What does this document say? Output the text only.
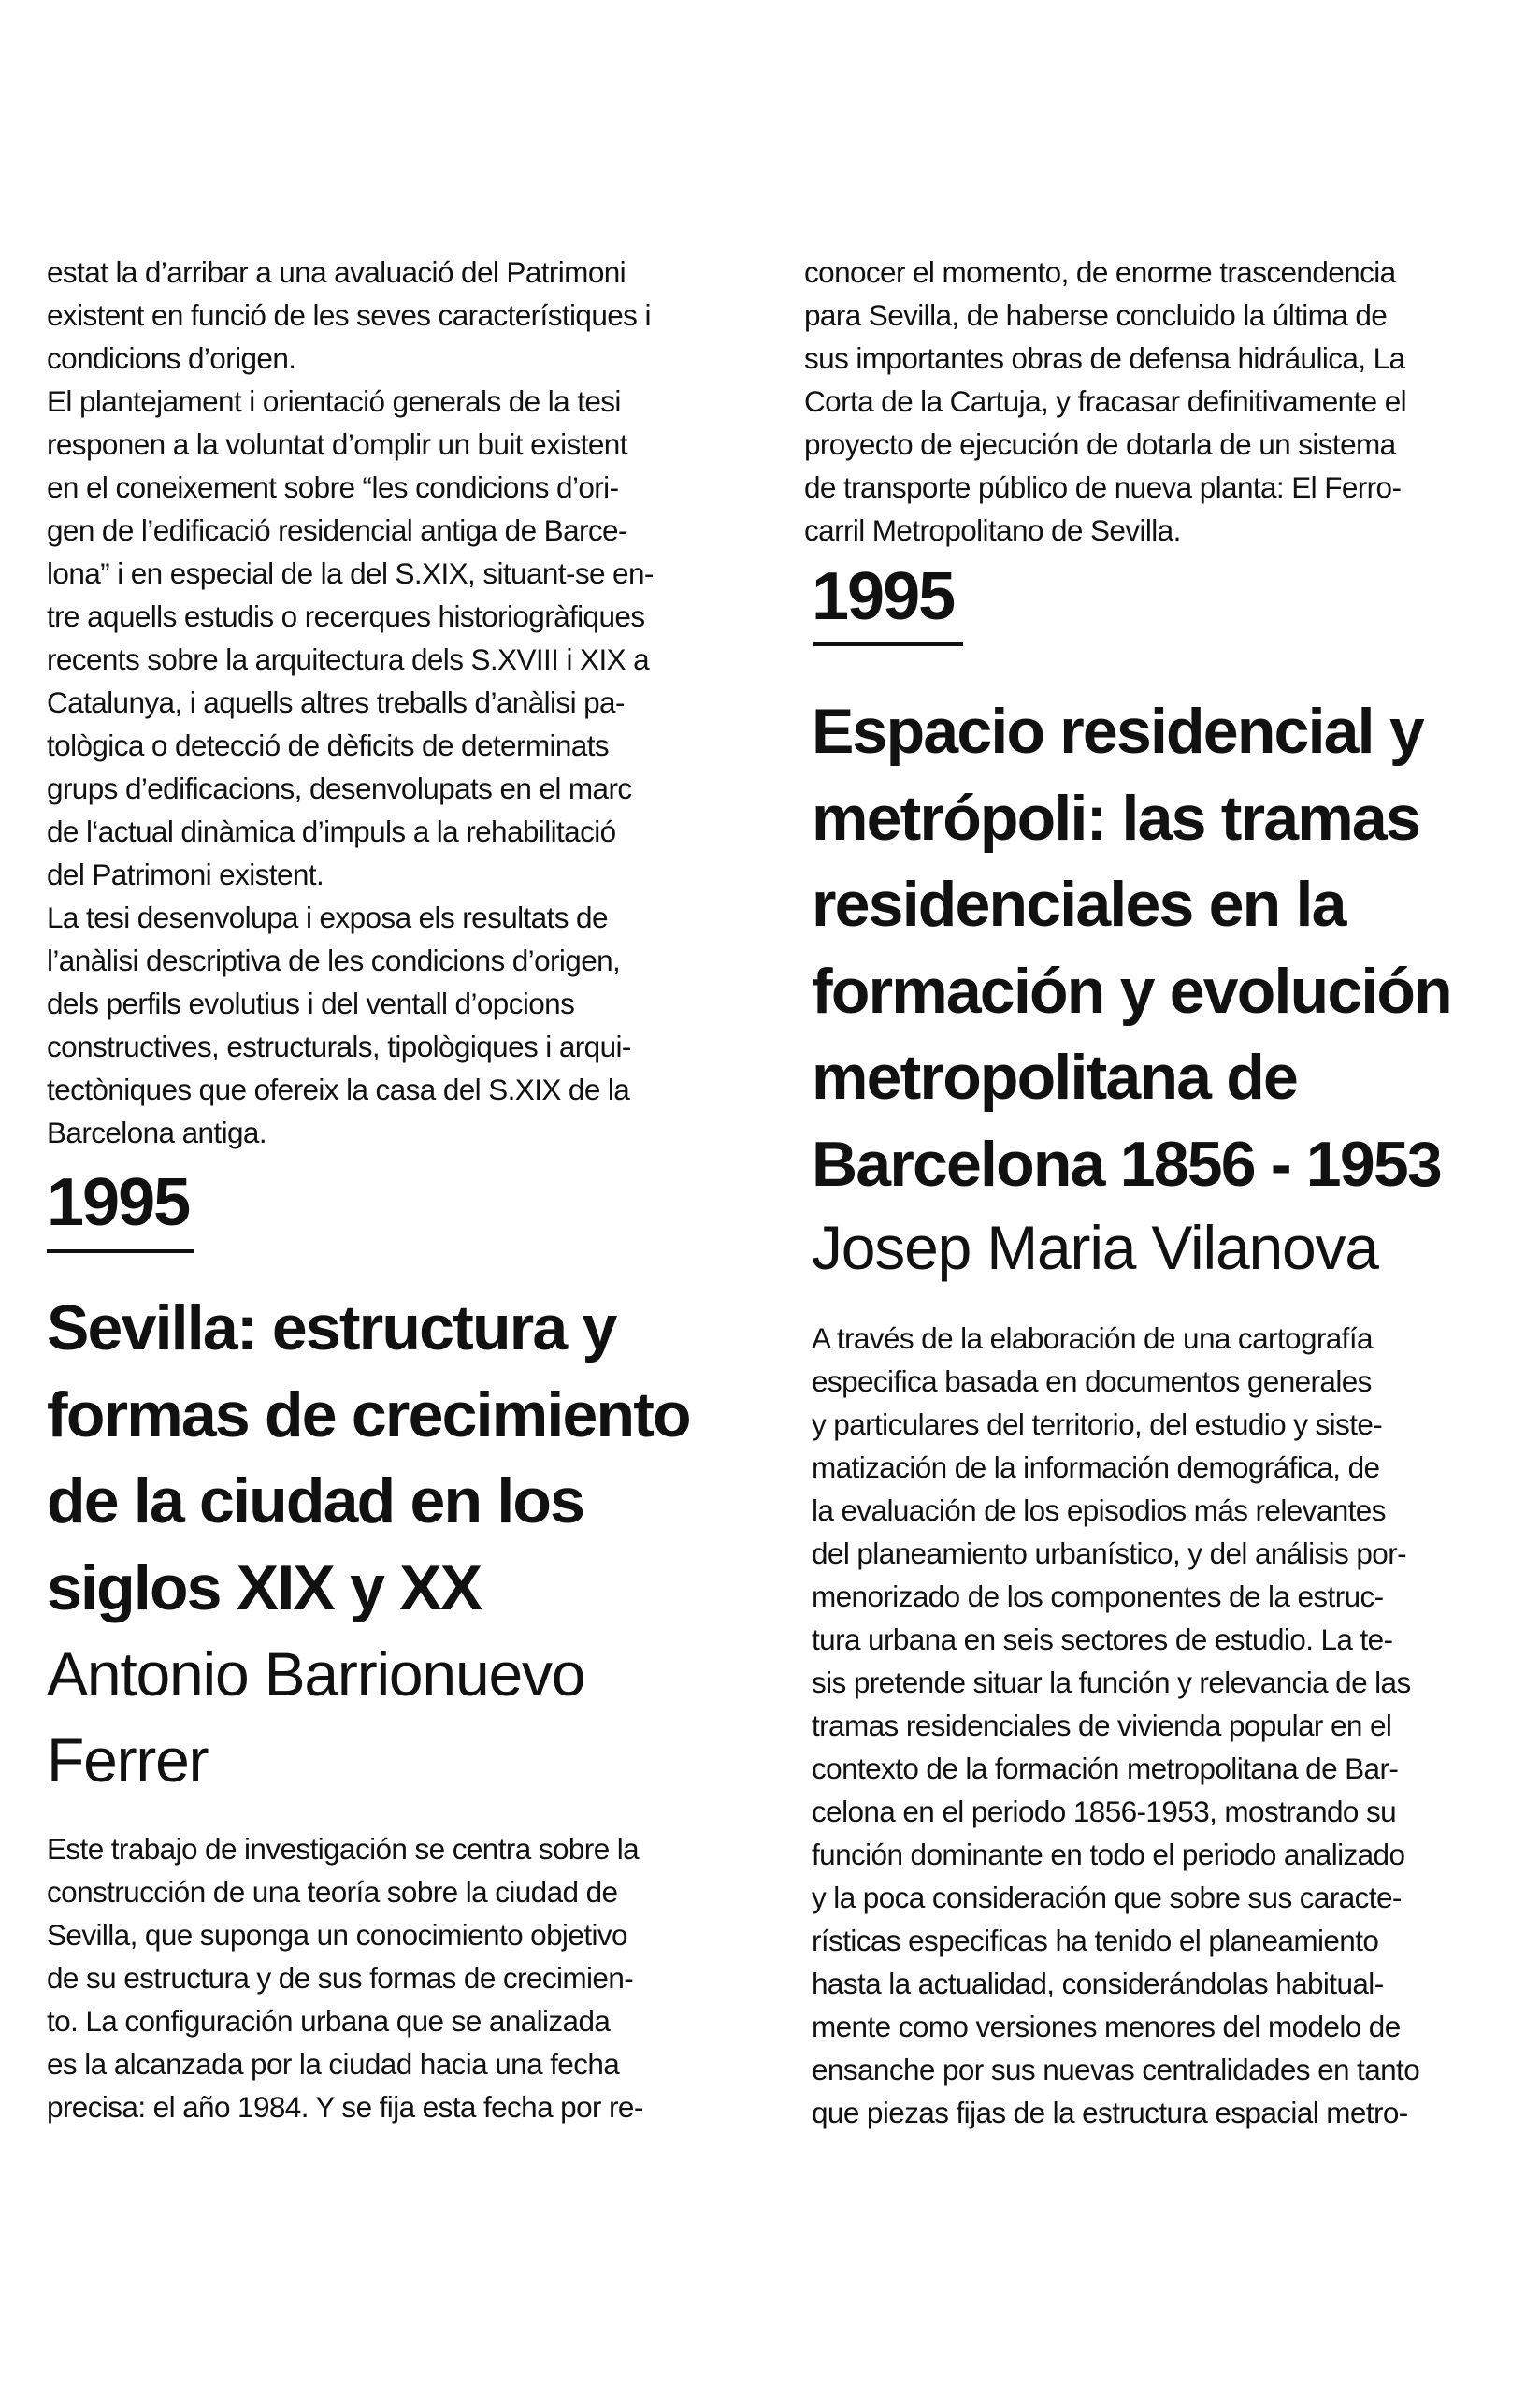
estat la d’arribar a una avaluació del Patrimoni
existent en funció de les seves característiques i
condicions d’origen.
El plantejament i orientació generals de la tesi
responen a la voluntat d’omplir un buit existent
en el coneixement sobre “les condicions d’ori-
gen de l’edificació residencial antiga de Barce-
lona” i en especial de la del S.XIX, situant-se en-
tre aquells estudis o recerques historiogràfiques
recents sobre la arquitectura dels S.XVIII i XIX a
Catalunya, i aquells altres treballs d’anàlisi pa-
tològica o detecció de dèficits de determinats
grups d’edificacions, desenvolupats en el marc
de l‘actual dinàmica d’impuls a la rehabilitació
del Patrimoni existent.
La tesi desenvolupa i exposa els resultats de
l’anàlisi descriptiva de les condicions d’origen,
dels perfils evolutius i del ventall d’opcions
constructives, estructurals, tipològiques i arqui-
tectòniques que ofereix la casa del S.XIX de la
Barcelona antiga.
1995
Sevilla: estructura y
formas de crecimiento
de la ciudad en los
siglos XIX y XX
Antonio Barrionuevo
Ferrer
Este trabajo de investigación se centra sobre la
construcción de una teoría sobre la ciudad de
Sevilla, que suponga un conocimiento objetivo
de su estructura y de sus formas de crecimien-
to. La configuración urbana que se analizada
es la alcanzada por la ciudad hacia una fecha
precisa: el año 1984. Y se fija esta fecha por re-
conocer el momento, de enorme trascendencia
para Sevilla, de haberse concluido la última de
sus importantes obras de defensa hidráulica, La
Corta de la Cartuja, y fracasar definitivamente el
proyecto de ejecución de dotarla de un sistema
de transporte público de nueva planta: El Ferro-
carril Metropolitano de Sevilla.
1995
Espacio residencial y
metrópoli: las tramas
residenciales en la
formación y evolución
metropolitana de
Barcelona 1856 - 1953
Josep Maria Vilanova
A través de la elaboración de una cartografía
especifica basada en documentos generales
y particulares del territorio, del estudio y siste-
matización de la información demográfica, de
la evaluación de los episodios más relevantes
del planeamiento urbanístico, y del análisis por-
menorizado de los componentes de la estruc-
tura urbana en seis sectores de estudio. La te-
sis pretende situar la función y relevancia de las
tramas residenciales de vivienda popular en el
contexto de la formación metropolitana de Bar-
celona en el periodo 1856-1953, mostrando su
función dominante en todo el periodo analizado
y la poca consideración que sobre sus caracte-
rísticas especificas ha tenido el planeamiento
hasta la actualidad, considerándolas habitual-
mente como versiones menores del modelo de
ensanche por sus nuevas centralidades en tanto
que piezas fijas de la estructura espacial metro-
